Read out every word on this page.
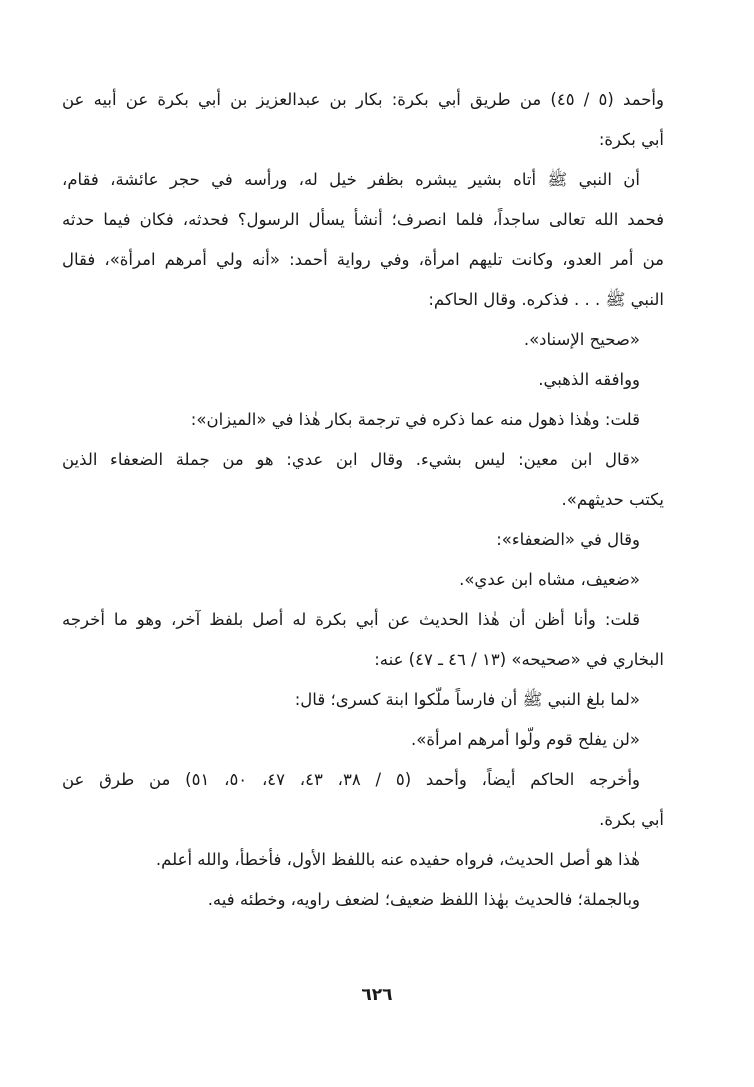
وأحمد (٥ / ٤٥) من طريق أبي بكرة: بكار بن عبدالعزيز بن أبي بكرة عن أبيه عن
أبي بكرة:
أن النبي ﷺ أتاه بشير يبشره بظفر خيل له، ورأسه في حجر عائشة، فقام،
فحمد الله تعالى ساجداً، فلما انصرف؛ أنشأ يسأل الرسول؟ فحدثه، فكان فيما حدثه
من أمر العدو، وكانت تليهم امرأة، وفي رواية أحمد: «أنه ولي أمرهم امرأة»، فقال
النبي ﷺ . . . فذكره. وقال الحاكم:
«صحيح الإسناد».
ووافقه الذهبي.
قلت: وهٰذا ذهول منه عما ذكره في ترجمة بكار هٰذا في «الميزان»:
«قال ابن معين: ليس بشيء. وقال ابن عدي: هو من جملة الضعفاء الذين
يكتب حديثهم».
وقال في «الضعفاء»:
«ضعيف، مشاه ابن عدي».
قلت: وأنا أظن أن هٰذا الحديث عن أبي بكرة له أصل بلفظ آخر، وهو ما أخرجه
البخاري في «صحيحه» (١٣ / ٤٦ ـ ٤٧) عنه:
«لما بلغ النبي ﷺ أن فارساً ملّكوا ابنة كسرى؛ قال:
«لن يفلح قوم ولّوا أمرهم امرأة».
وأخرجه الحاكم أيضاً، وأحمد (٥ / ٣٨، ٤٣، ٤٧، ٥٠، ٥١) من طرق عن
أبي بكرة.
هٰذا هو أصل الحديث، فرواه حفيده عنه باللفظ الأول، فأخطأ، والله أعلم.
وبالجملة؛ فالحديث بهٰذا اللفظ ضعيف؛ لضعف راويه، وخطئه فيه.
٦٢٦
